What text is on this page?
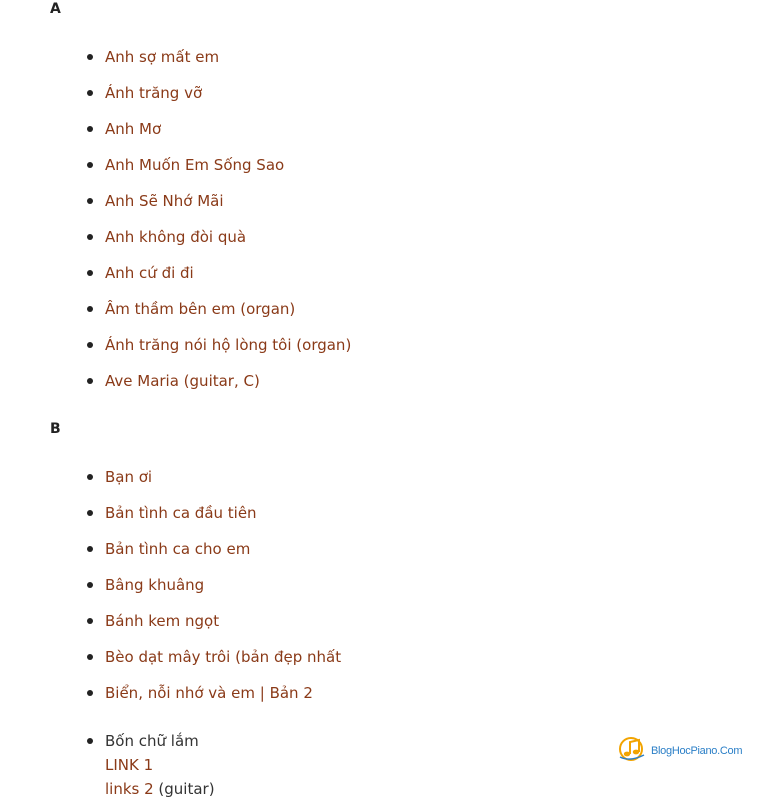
A
Anh sợ mất em
Ánh trăng vỡ
Anh Mơ
Anh Muốn Em Sống Sao
Anh Sẽ Nhớ Mãi
Anh không đòi quà
Anh cứ đi đi
Âm thầm bên em (organ)
Ánh trăng nói hộ lòng tôi (organ)
Ave Maria (guitar, C)
B
Bạn ơi
Bản tình ca đầu tiên
Bản tình ca cho em
Bâng khuâng
Bánh kem ngọt
Bèo dạt mây trôi (bản đẹp nhất
Biển, nỗi nhớ và em | Bản 2
Bốn chữ lắm
LINK 1
links 2 (guitar)
BlogHocPiano.Com
